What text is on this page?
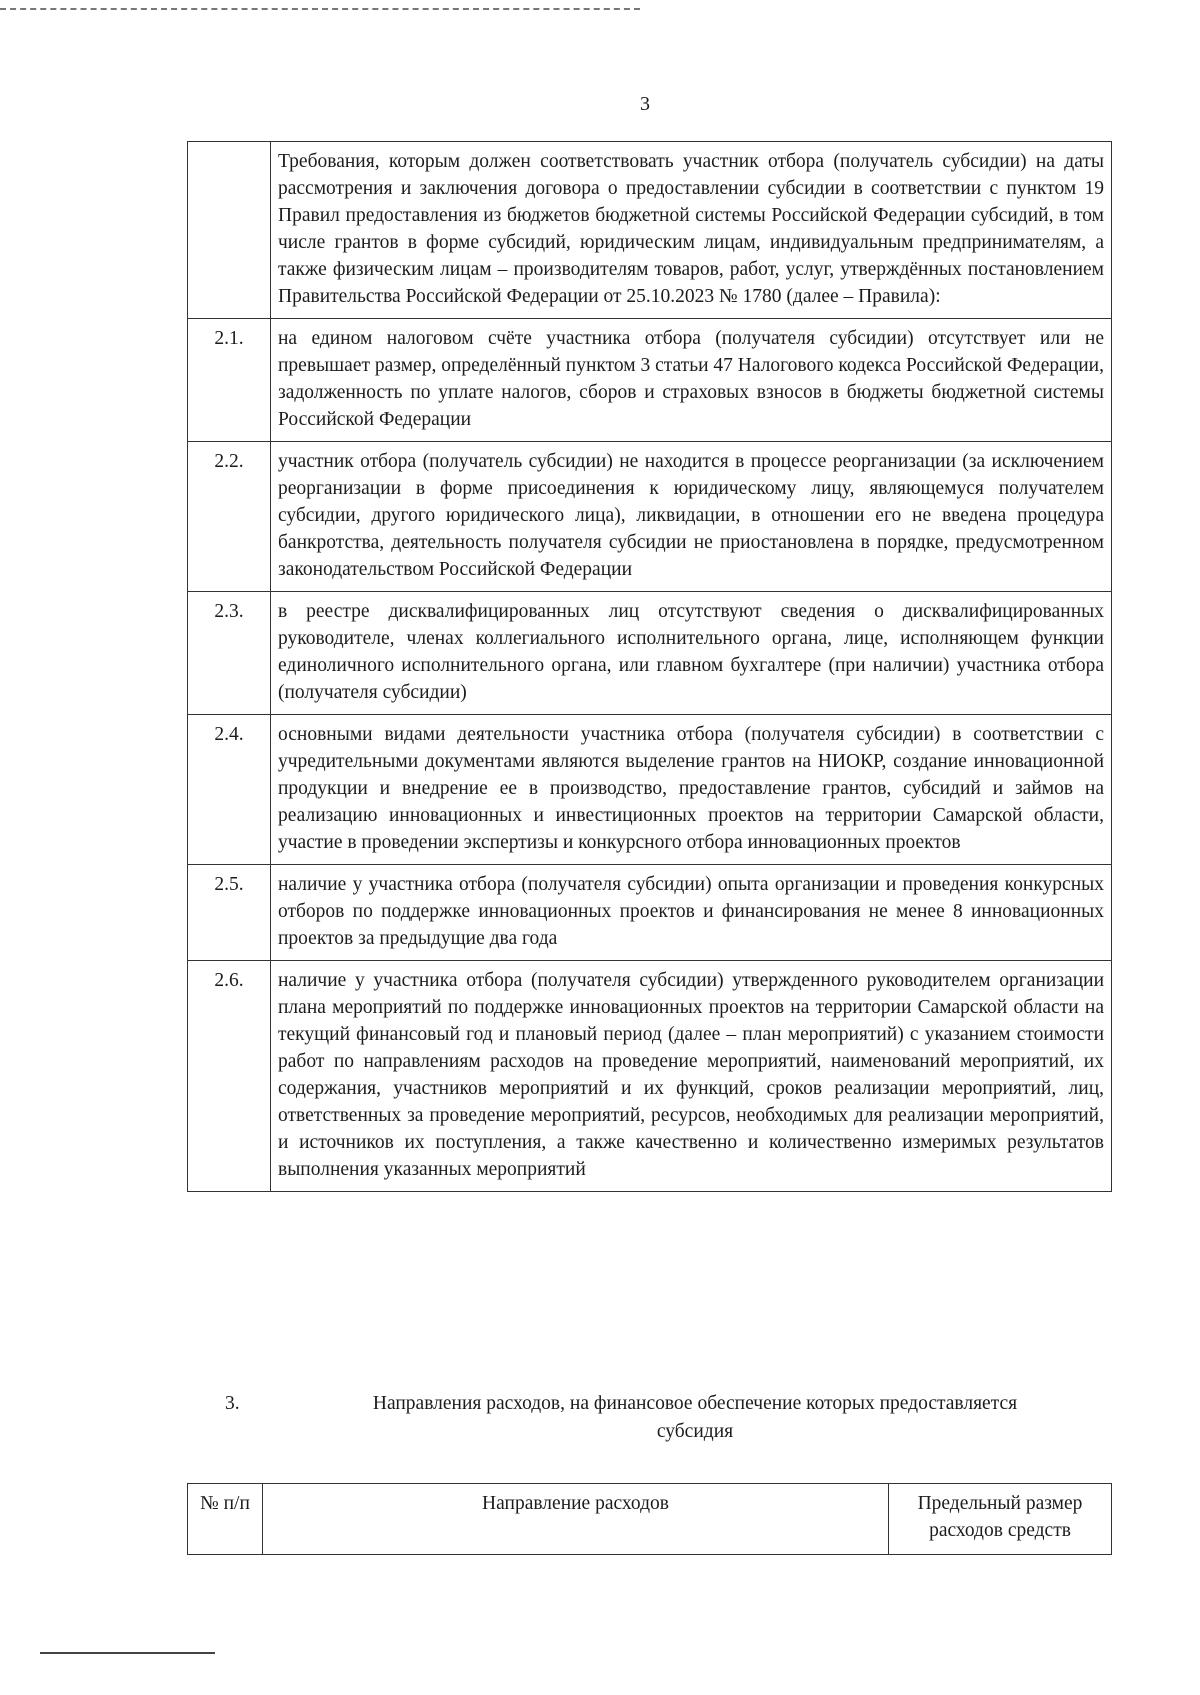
3
	Требования, которым должен соответствовать участник отбора (получатель субсидии) на даты рассмотрения и заключения договора о предоставлении субсидии в соответствии с пунктом 19 Правил предоставления из бюджетов бюджетной системы Российской Федерации субсидий, в том числе грантов в форме субсидий, юридическим лицам, индивидуальным предпринимателям, а также физическим лицам – производителям товаров, работ, услуг, утверждённых постановлением Правительства Российской Федерации от 25.10.2023 № 1780 (далее – Правила):
2.1.	на едином налоговом счёте участника отбора (получателя субсидии) отсутствует или не превышает размер, определённый пунктом 3 статьи 47 Налогового кодекса Российской Федерации, задолженность по уплате налогов, сборов и страховых взносов в бюджеты бюджетной системы Российской Федерации
2.2.	участник отбора (получатель субсидии) не находится в процессе реорганизации (за исключением реорганизации в форме присоединения к юридическому лицу, являющемуся получателем субсидии, другого юридического лица), ликвидации, в отношении его не введена процедура банкротства, деятельность получателя субсидии не приостановлена в порядке, предусмотренном законодательством Российской Федерации
2.3.	в реестре дисквалифицированных лиц отсутствуют сведения о дисквалифицированных руководителе, членах коллегиального исполнительного органа, лице, исполняющем функции единоличного исполнительного органа, или главном бухгалтере (при наличии) участника отбора (получателя субсидии)
2.4.	основными видами деятельности участника отбора (получателя субсидии) в соответствии с учредительными документами являются выделение грантов на НИОКР, создание инновационной продукции и внедрение ее в производство, предоставление грантов, субсидий и займов на реализацию инновационных и инвестиционных проектов на территории Самарской области, участие в проведении экспертизы и конкурсного отбора инновационных проектов
2.5.	наличие у участника отбора (получателя субсидии) опыта организации и проведения конкурсных отборов по поддержке инновационных проектов и финансирования не менее 8 инновационных проектов за предыдущие два года
2.6.	наличие у участника отбора (получателя субсидии) утвержденного руководителем организации плана мероприятий по поддержке инновационных проектов на территории Самарской области на текущий финансовый год и плановый период (далее – план мероприятий) с указанием стоимости работ по направлениям расходов на проведение мероприятий, наименований мероприятий, их содержания, участников мероприятий и их функций, сроков реализации мероприятий, лиц, ответственных за проведение мероприятий, ресурсов, необходимых для реализации мероприятий, и источников их поступления, а также качественно и количественно измеримых результатов выполнения указанных мероприятий
3.	Направления расходов, на финансовое обеспечение которых предоставляется
субсидия
№ п/п	Направление расходов	Предельный размер
расходов средств
